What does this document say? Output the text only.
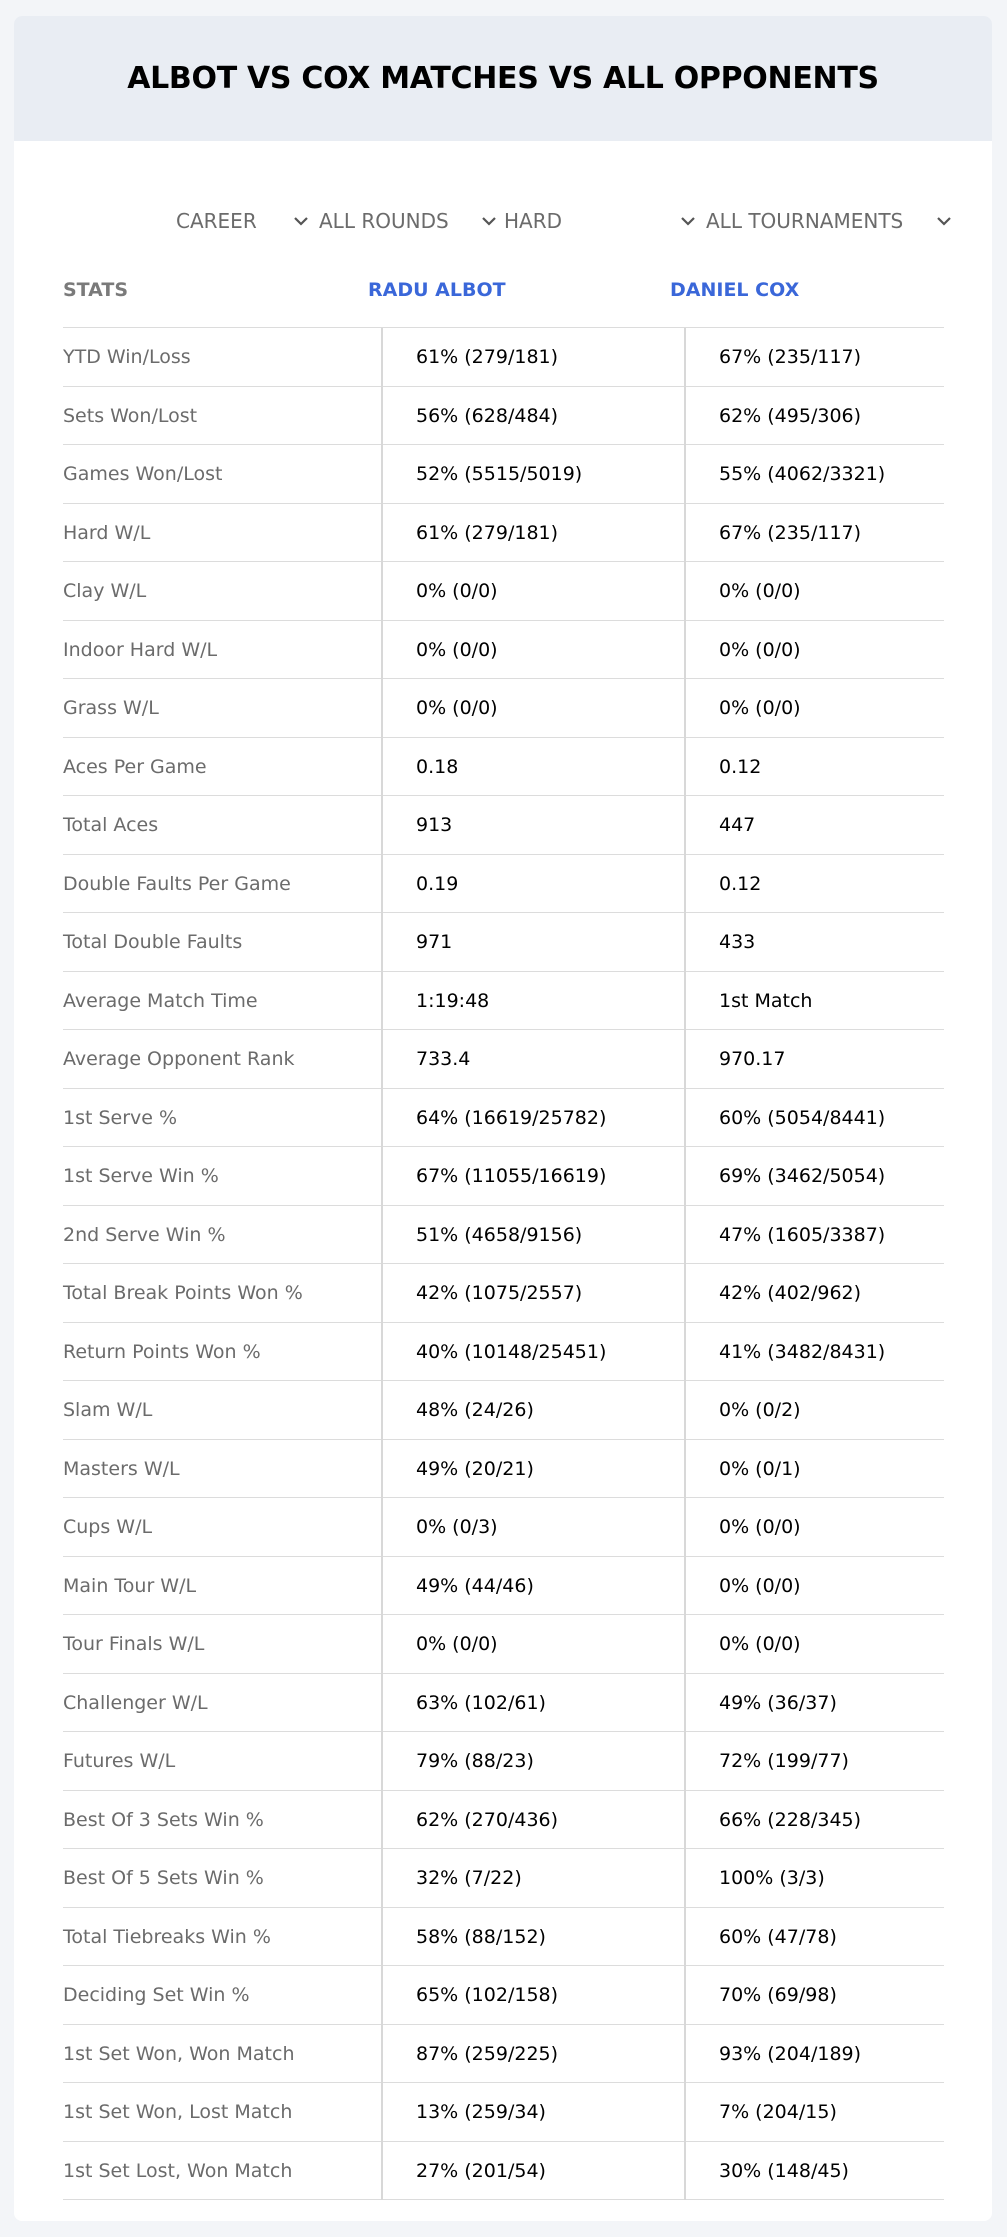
ALBOT VS COX MATCHES VS ALL OPPONENTS
CAREER	ALL ROUNDS	HARD	ALL TOURNAMENTS
STATS	RADU ALBOT	DANIEL COX
YTD Win/Loss	61% (279/181)	67% (235/117)
Sets Won/Lost	56% (628/484)	62% (495/306)
Games Won/Lost	52% (5515/5019)	55% (4062/3321)
Hard W/L	61% (279/181)	67% (235/117)
Clay W/L	0% (0/0)	0% (0/0)
Indoor Hard W/L	0% (0/0)	0% (0/0)
Grass W/L	0% (0/0)	0% (0/0)
Aces Per Game	0.18	0.12
Total Aces	913	447
Double Faults Per Game	0.19	0.12
Total Double Faults	971	433
Average Match Time	1:19:48	1st Match
Average Opponent Rank	733.4	970.17
1st Serve %	64% (16619/25782)	60% (5054/8441)
1st Serve Win %	67% (11055/16619)	69% (3462/5054)
2nd Serve Win %	51% (4658/9156)	47% (1605/3387)
Total Break Points Won %	42% (1075/2557)	42% (402/962)
Return Points Won %	40% (10148/25451)	41% (3482/8431)
Slam W/L	48% (24/26)	0% (0/2)
Masters W/L	49% (20/21)	0% (0/1)
Cups W/L	0% (0/3)	0% (0/0)
Main Tour W/L	49% (44/46)	0% (0/0)
Tour Finals W/L	0% (0/0)	0% (0/0)
Challenger W/L	63% (102/61)	49% (36/37)
Futures W/L	79% (88/23)	72% (199/77)
Best Of 3 Sets Win %	62% (270/436)	66% (228/345)
Best Of 5 Sets Win %	32% (7/22)	100% (3/3)
Total Tiebreaks Win %	58% (88/152)	60% (47/78)
Deciding Set Win %	65% (102/158)	70% (69/98)
1st Set Won, Won Match	87% (259/225)	93% (204/189)
1st Set Won, Lost Match	13% (259/34)	7% (204/15)
1st Set Lost, Won Match	27% (201/54)	30% (148/45)
